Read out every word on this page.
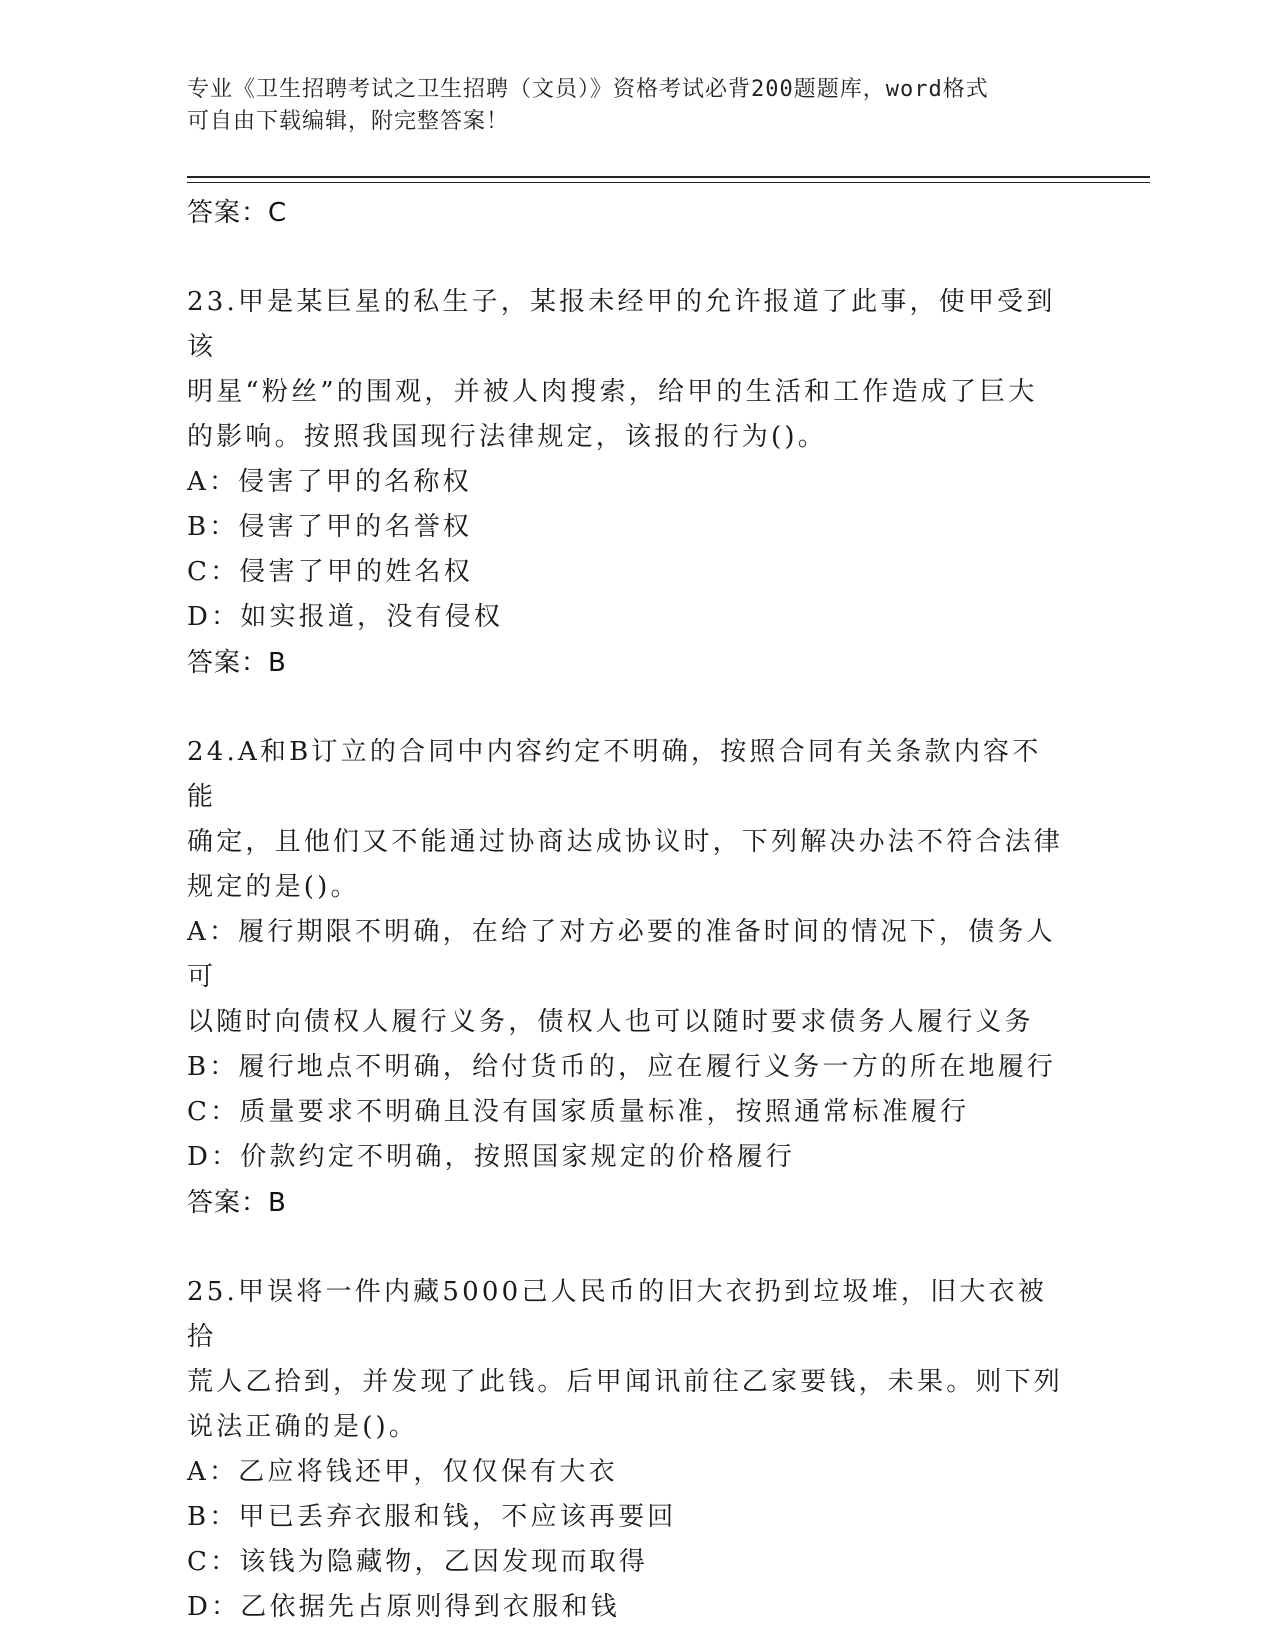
专业《卫生招聘考试之卫生招聘（文员）》资格考试必背200题题库，word格式
可自由下载编辑，附完整答案！
答案：C
23.甲是某巨星的私生子，某报未经甲的允许报道了此事，使甲受到该
明星“粉丝”的围观，并被人肉搜索，给甲的生活和工作造成了巨大
的影响。按照我国现行法律规定，该报的行为()。
A：侵害了甲的名称权
B：侵害了甲的名誉权
C：侵害了甲的姓名权
D：如实报道，没有侵权
答案：B
24.A和B订立的合同中内容约定不明确，按照合同有关条款内容不能
确定，且他们又不能通过协商达成协议时，下列解决办法不符合法律
规定的是()。
A：履行期限不明确，在给了对方必要的准备时间的情况下，债务人可
以随时向债权人履行义务，债权人也可以随时要求债务人履行义务
B：履行地点不明确，给付货币的，应在履行义务一方的所在地履行
C：质量要求不明确且没有国家质量标准，按照通常标准履行
D：价款约定不明确，按照国家规定的价格履行
答案：B
25.甲误将一件内藏5000己人民币的旧大衣扔到垃圾堆，旧大衣被拾
荒人乙拾到，并发现了此钱。后甲闻讯前往乙家要钱，未果。则下列
说法正确的是()。
A：乙应将钱还甲，仅仅保有大衣
B：甲已丢弃衣服和钱，不应该再要回
C：该钱为隐藏物，乙因发现而取得
D：乙依据先占原则得到衣服和钱
